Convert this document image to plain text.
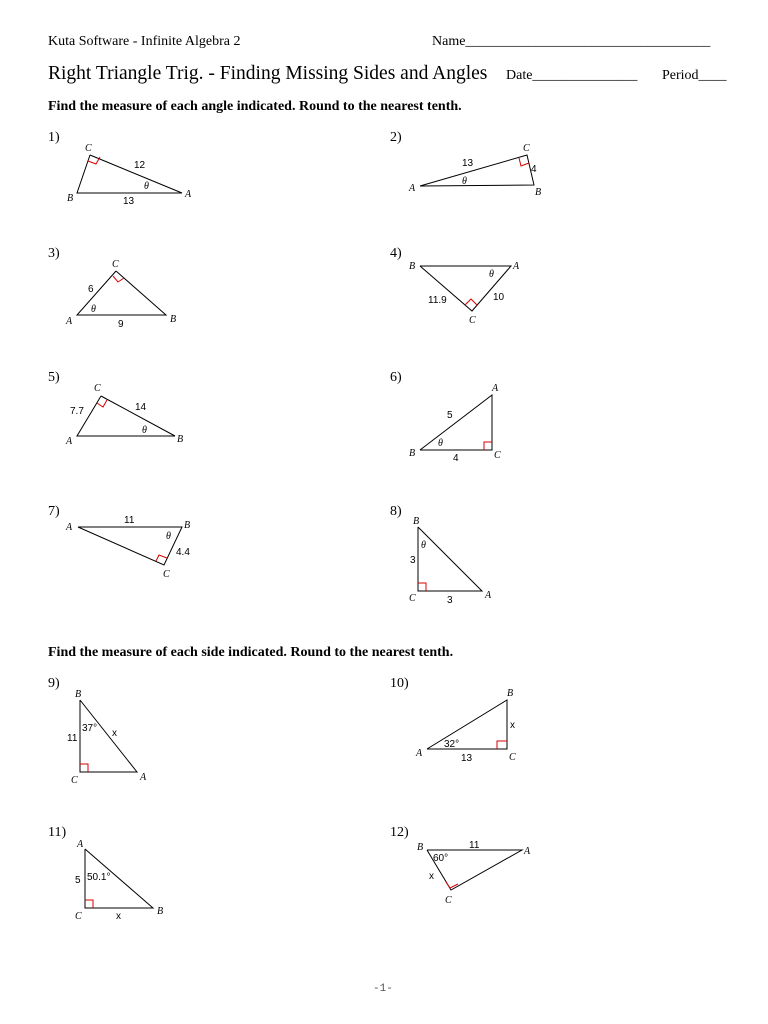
Kuta Software - Infinite Algebra 2	Name___________________________________
Right Triangle Trig. - Finding Missing Sides and Angles Date_______________ Period____
Find the measure of each angle indicated. Round to the nearest tenth.
Find the measure of each side indicated. Round to the nearest tenth.
1)	2)
3)	4)
5)	6)
7)	8)
9)	10)
11)	12)
C
B	A
12
13
θ
C
A	B
13
4
θ
C
A	B
6
9
θ
B	A
C
11.9	10
θ
C
A	B
7.7	14
θ
A
B	C
5
4
θ
A	B
C
11
4.4
θ
B
C	A
3
3
θ
B
C	A
11	x
37°
B
A	C
x
13
32°
A
C	B
5
x
50.1°
B	A
C
11
x
60°
-1-
